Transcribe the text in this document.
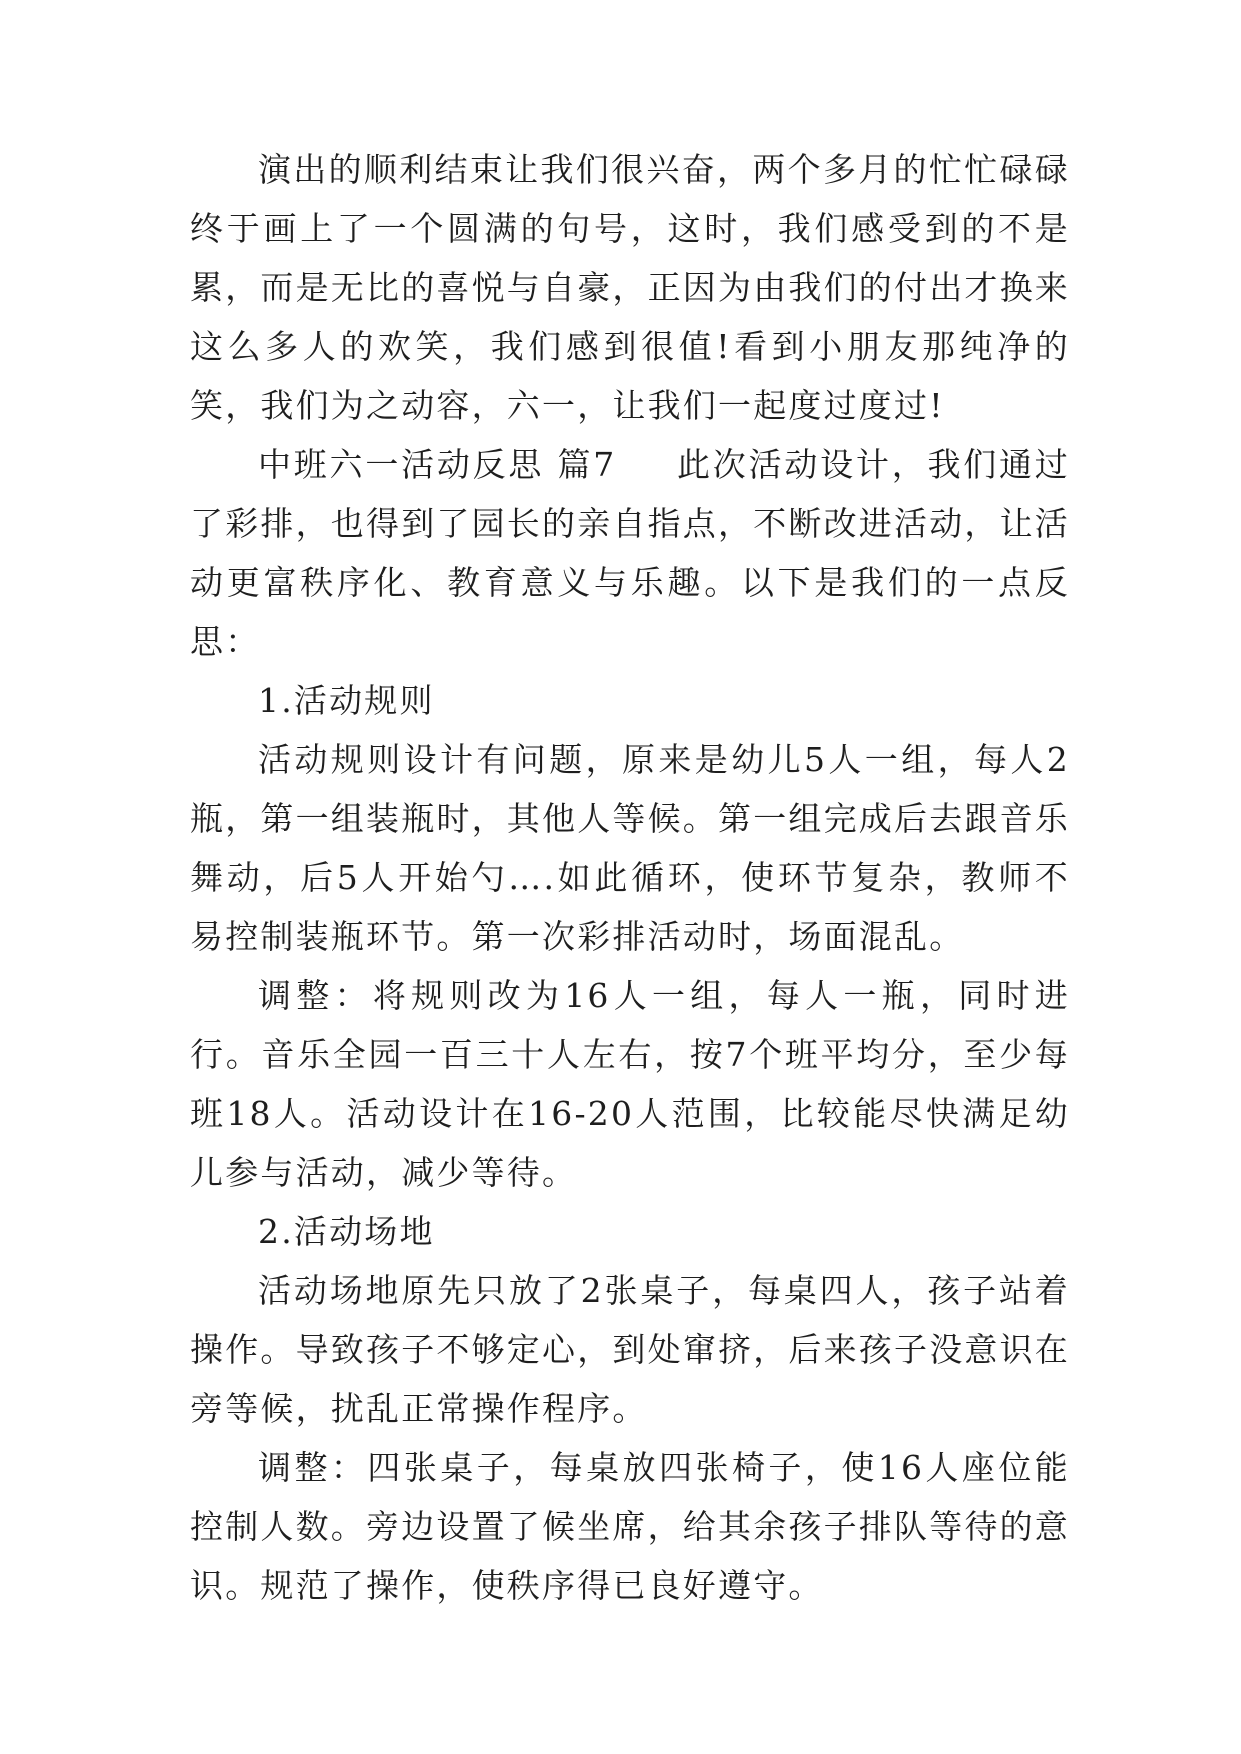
演出的顺利结束让我们很兴奋，两个多月的忙忙碌碌终于画上了一个圆满的句号，这时，我们感受到的不是累，而是无比的喜悦与自豪，正因为由我们的付出才换来这么多人的欢笑，我们感到很值!看到小朋友那纯净的笑，我们为之动容，六一，让我们一起度过度过!

中班六一活动反思 篇7 此次活动设计，我们通过了彩排，也得到了园长的亲自指点，不断改进活动，让活动更富秩序化、教育意义与乐趣。以下是我们的一点反思：

1.活动规则

活动规则设计有问题，原来是幼儿5人一组，每人2瓶，第一组装瓶时，其他人等候。第一组完成后去跟音乐舞动，后5人开始勺….如此循环，使环节复杂，教师不易控制装瓶环节。第一次彩排活动时，场面混乱。

调整：将规则改为16人一组，每人一瓶，同时进行。音乐全园一百三十人左右，按7个班平均分，至少每班18人。活动设计在16-20人范围，比较能尽快满足幼儿参与活动，减少等待。

2.活动场地

活动场地原先只放了2张桌子，每桌四人，孩子站着操作。导致孩子不够定心，到处窜挤，后来孩子没意识在旁等候，扰乱正常操作程序。

调整：四张桌子，每桌放四张椅子，使16人座位能控制人数。旁边设置了候坐席，给其余孩子排队等待的意识。规范了操作，使秩序得已良好遵守。
